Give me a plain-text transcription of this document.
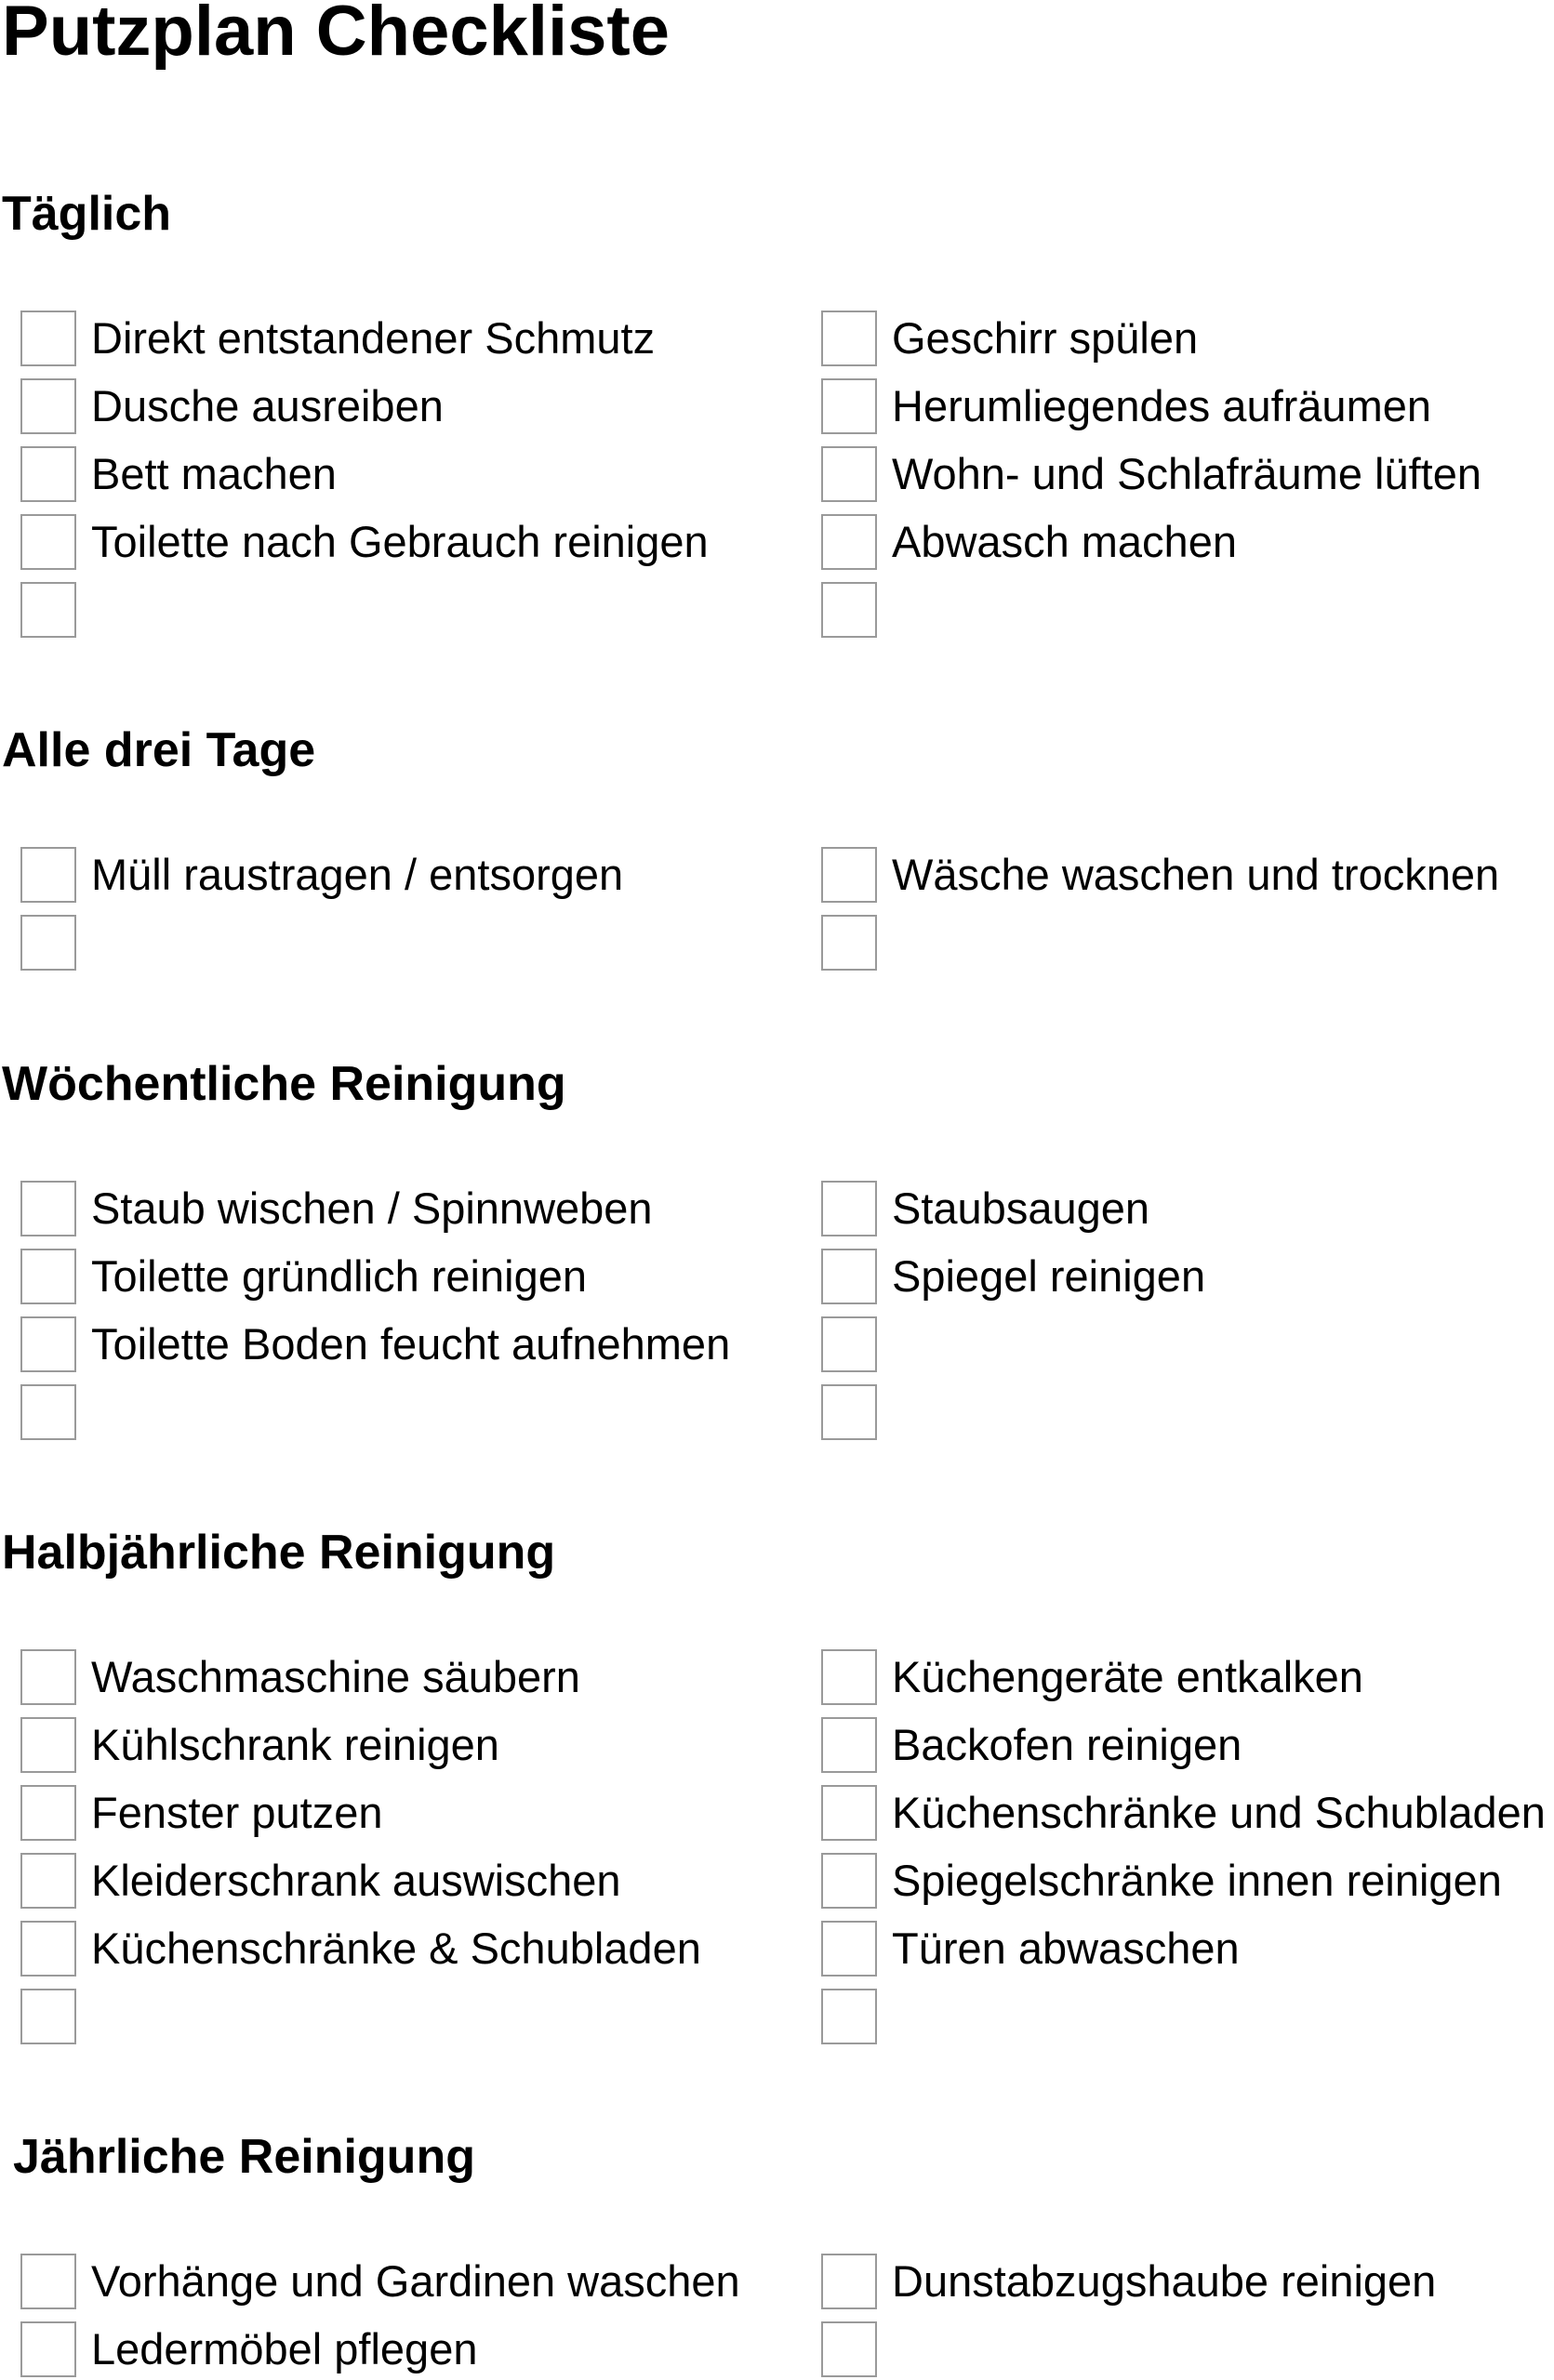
Putzplan Checkliste
Täglich
Direkt entstandener Schmutz
Dusche ausreiben
Bett machen
Toilette nach Gebrauch reinigen
Geschirr spülen
Herumliegendes aufräumen
Wohn- und Schlafräume lüften
Abwasch machen
Alle drei Tage
Müll raustragen / entsorgen	Wäsche waschen und trocknen
Wöchentliche Reinigung
Staub wischen / Spinnweben
Toilette gründlich reinigen
Toilette Boden feucht aufnehmen
Staubsaugen
Spiegel reinigen
Halbjährliche Reinigung
Waschmaschine säubern
Kühlschrank reinigen
Fenster putzen
Kleiderschrank auswischen
Küchenschränke & Schubladen
Küchengeräte entkalken
Backofen reinigen
Küchenschränke und Schubladen
Spiegelschränke innen reinigen
Türen abwaschen
Jährliche Reinigung
Vorhänge und Gardinen waschen
Ledermöbel pflegen
Dunstabzugshaube reinigen
